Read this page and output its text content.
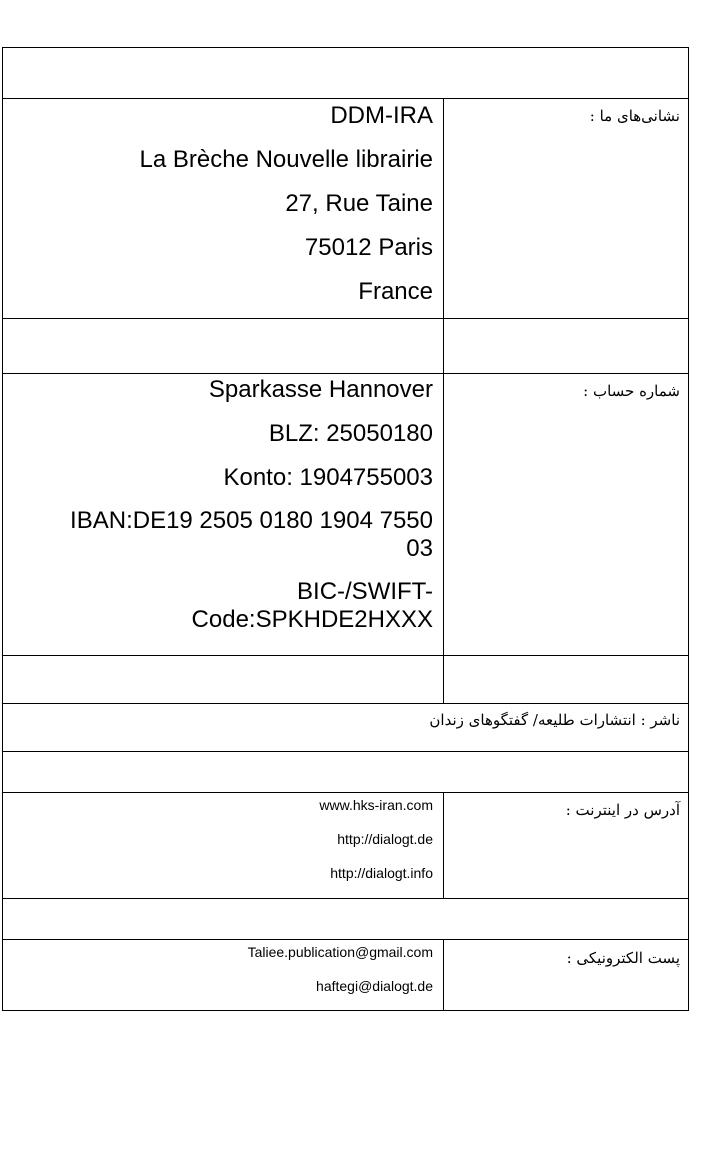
DDM-IRA

La Brèche Nouvelle librairie

27, Rue Taine

75012 Paris

France

نشانی‌های ما :

Sparkasse Hannover

BLZ: 25050180

Konto: 1904755003

IBAN:DE19 2505 0180 1904 7550

03

BIC-/SWIFT-

Code:SPKHDE2HXXX

شماره حساب :
ناشر : انتشارات طلیعه/ گفتگوهای زندان

www.hks-iran.com

http://dialogt.de

http://dialogt.info

آدرس در اینترنت :

Taliee.publication@gmail.com

haftegi@dialogt.de

پست الکترونیکی :
